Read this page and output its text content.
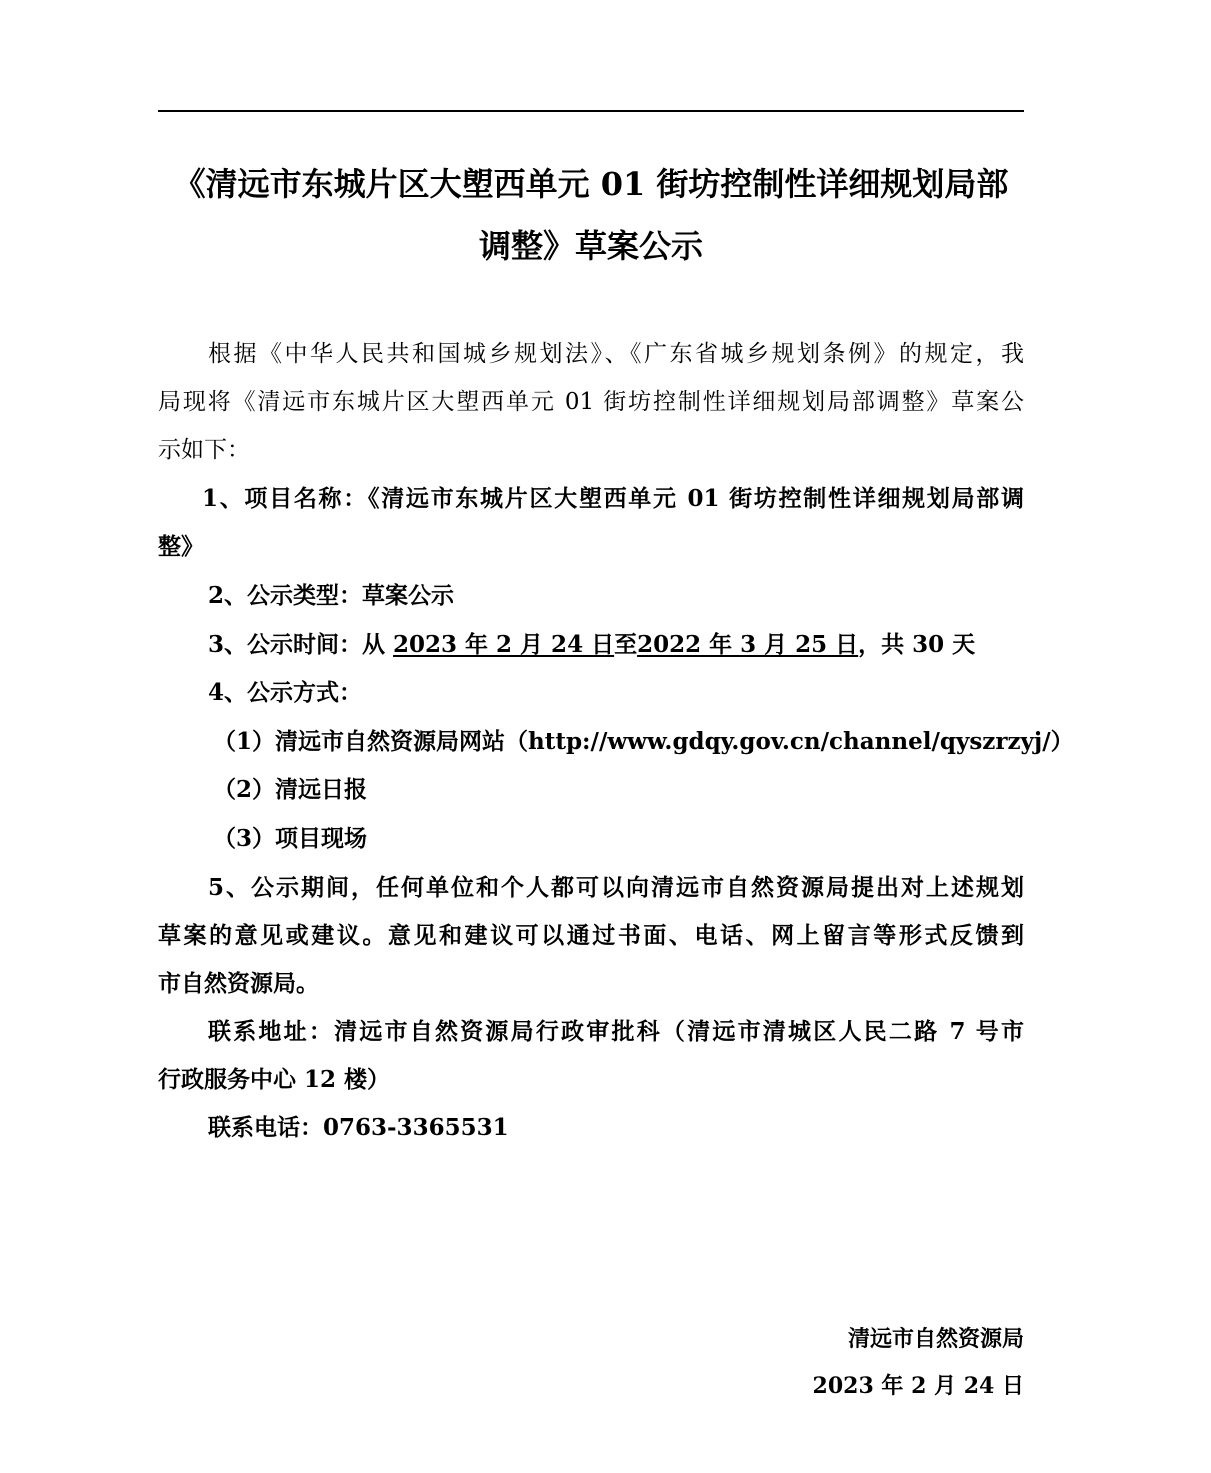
《清远市东城片区大塱西单元 01 街坊控制性详细规划局部
调整》草案公示
根据《中华人民共和国城乡规划法》、《广东省城乡规划条例》的规定，我
局现将《清远市东城片区大塱西单元 01 街坊控制性详细规划局部调整》草案公
示如下：
1、项目名称：《清远市东城片区大塱西单元 01 街坊控制性详细规划局部调
整》
2、公示类型：草案公示
3、公示时间：从 2023 年 2 月 24 日至2022 年 3 月 25 日，共 30 天
4、公示方式：
（1）清远市自然资源局网站（http://www.gdqy.gov.cn/channel/qyszrzyj/）
（2）清远日报
（3）项目现场
5、公示期间，任何单位和个人都可以向清远市自然资源局提出对上述规划
草案的意见或建议。意见和建议可以通过书面、电话、网上留言等形式反馈到
市自然资源局。
联系地址：清远市自然资源局行政审批科（清远市清城区人民二路 7 号市
行政服务中心 12 楼）
联系电话：0763-3365531
清远市自然资源局
2023 年 2 月 24 日
